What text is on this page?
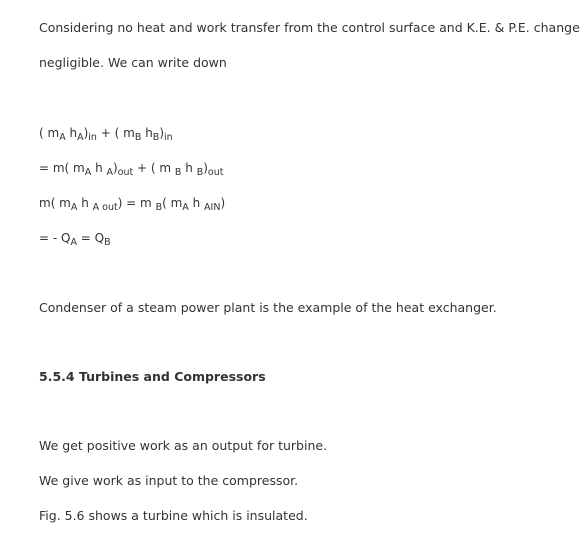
Considering no heat and work transfer from the control surface and K.E. & P.E. change

negligible. We can write down

( $m_A$ $h_A)_{in}$ + ( $m_B$ $h_B)_{in}$

= m( $m_A$ h $_A)_{out}$ + ( m $_B$ h $_B)_{out}$

m( $m_A$ h $_{A out}$) = m $_B$( $m_A$ h $_{AIN}$)

= - $Q_A = Q_B$

Condenser of a steam power plant is the example of the heat exchanger.

5.5.4 Turbines and Compressors

We get positive work as an output for turbine.

We give work as input to the compressor.

Fig. 5.6 shows a turbine which is insulated.
